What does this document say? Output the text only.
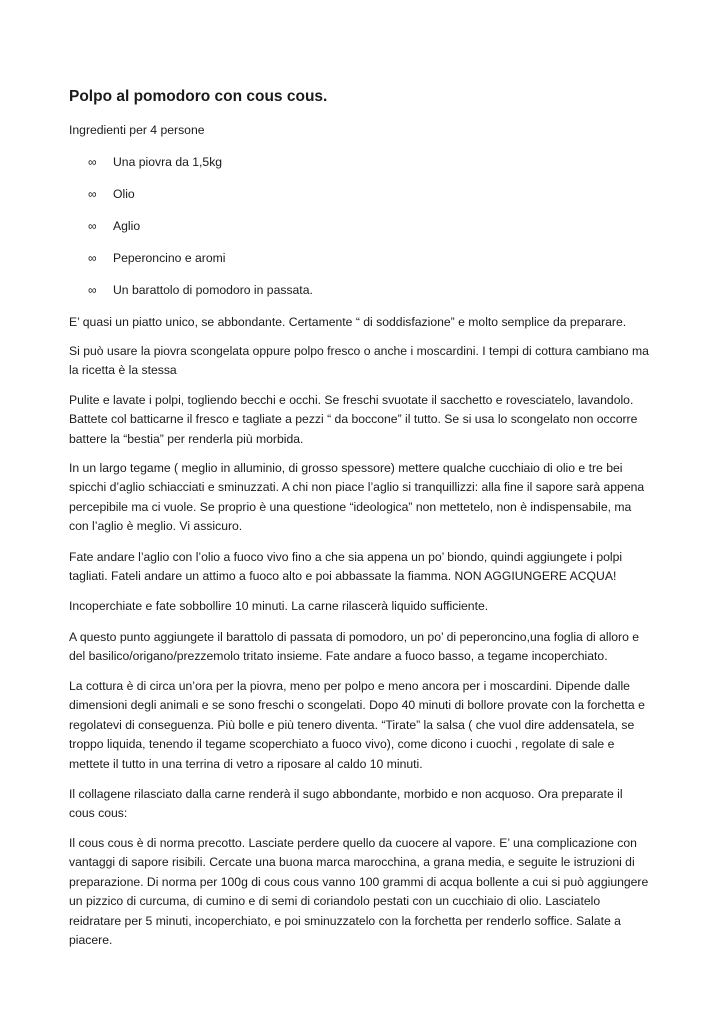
Polpo al pomodoro con cous cous.

Ingredienti per 4 persone

∞ Una piovra da 1,5kg
∞ Olio
∞ Aglio
∞ Peperoncino e aromi
∞ Un barattolo di pomodoro in passata.

E’ quasi un piatto unico, se abbondante. Certamente “ di soddisfazione” e molto semplice da preparare.

Si può usare la piovra scongelata oppure polpo fresco o anche i moscardini. I tempi di cottura cambiano ma
la ricetta è la stessa

Pulite e lavate i polpi, togliendo becchi e occhi. Se freschi svuotate il sacchetto e rovesciatelo, lavandolo.
Battete col batticarne il fresco e tagliate a pezzi “ da boccone” il tutto. Se si usa lo scongelato non occorre
battere la “bestia” per renderla più morbida.

In un largo tegame ( meglio in alluminio, di grosso spessore) mettere qualche cucchiaio di olio e tre bei
spicchi d’aglio schiacciati e sminuzzati. A chi non piace l’aglio si tranquillizzi: alla fine il sapore sarà appena
percepibile ma ci vuole. Se proprio è una questione “ideologica” non mettetelo, non è indispensabile, ma
con l’aglio è meglio. Vi assicuro.

Fate andare l’aglio con l’olio a fuoco vivo fino a che sia appena un po’ biondo, quindi aggiungete i polpi
tagliati. Fateli andare un attimo a fuoco alto e poi abbassate la fiamma. NON AGGIUNGERE ACQUA!

Incoperchiate e fate sobbollire 10 minuti. La carne rilascerà liquido sufficiente.

A questo punto aggiungete il barattolo di passata di pomodoro, un po’ di peperoncino,una foglia di alloro e
del basilico/origano/prezzemolo tritato insieme. Fate andare a fuoco basso, a tegame incoperchiato.

La cottura è di circa un’ora per la piovra, meno per polpo e meno ancora per i moscardini. Dipende dalle
dimensioni degli animali e se sono freschi o scongelati. Dopo 40 minuti di bollore provate con la forchetta e
regolatevi di conseguenza. Più bolle e più tenero diventa. “Tirate” la salsa ( che vuol dire addensatela, se
troppo liquida, tenendo il tegame scoperchiato a fuoco vivo), come dicono i cuochi , regolate di sale e
mettete il tutto in una terrina di vetro a riposare al caldo 10 minuti.

Il collagene rilasciato dalla carne renderà il sugo abbondante, morbido e non acquoso. Ora preparate il
cous cous:

Il cous cous è di norma precotto. Lasciate perdere quello da cuocere al vapore. E’ una complicazione con
vantaggi di sapore risibili. Cercate una buona marca marocchina, a grana media, e seguite le istruzioni di
preparazione. Di norma per 100g di cous cous vanno 100 grammi di acqua bollente a cui si può aggiungere
un pizzico di curcuma, di cumino e di semi di coriandolo pestati con un cucchiaio di olio. Lasciatelo
reidratare per 5 minuti, incoperchiato, e poi sminuzzatelo con la forchetta per renderlo soffice. Salate a
piacere.
